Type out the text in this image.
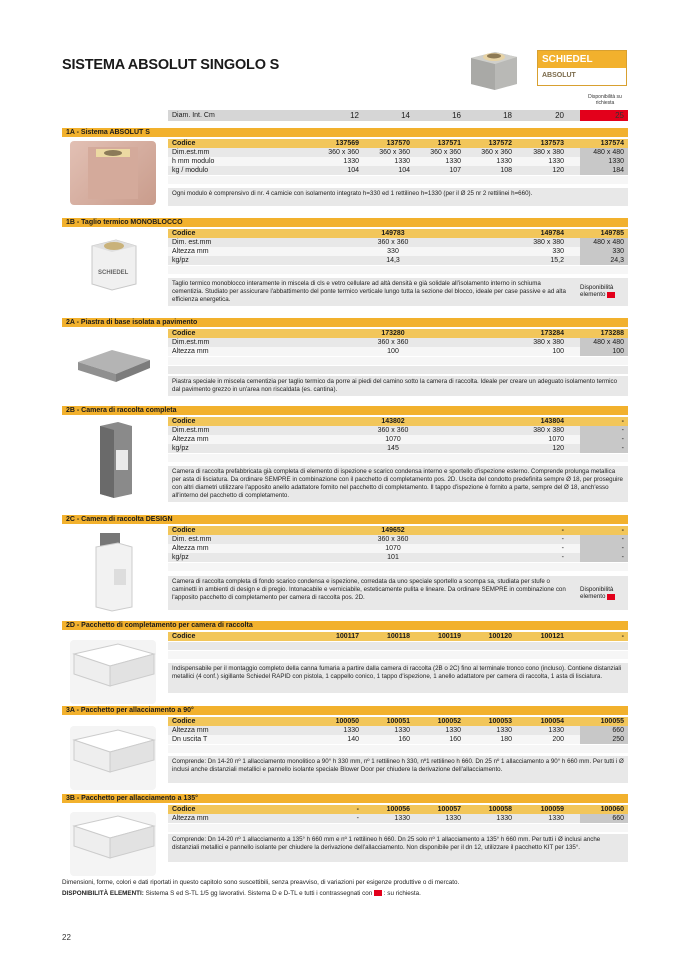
SISTEMA ABSOLUT SINGOLO S	SCHIEDEL
ABSOLUT
Disponibilità su richiesta
Diam. Int. Cm	12	14	16	18	20	25
1A - Sistema ABSOLUT S
Codice	137569	137570	137571	137572	137573	137574
Dim.est.mm	360 x 360	360 x 360	360 x 360	360 x 360	380 x 380	480 x 480
h mm modulo	1330	1330	1330	1330	1330	1330
kg / modulo	104	104	107	108	120	184
Ogni modulo è comprensivo di nr. 4 camicie con isolamento integrato h=330 ed 1 rettilineo h=1330 (per il Ø 25 nr 2 rettilinei h=660).
1B - Taglio termico MONOBLOCCO
SCHIEDEL
Codice	149783	149784	149785
Dim. est.mm	360 x 360	380 x 380	480 x 480
Altezza mm	330	330	330
kg/pz	14,3	15,2	24,3
Taglio termico monoblocco interamente in miscela di cls e vetro cellulare ad altà densità e già solidale all'isolamento interno in schiuma cementizia. Studiato per assicurare l'abbattimento del ponte termico verticale lungo tutta la sezione del blocco, ideale per case passive e ad alta efficienza energetica.
Disponibilità elemento
2A - Piastra di base isolata a pavimento
Codice	173280	173284	173288
Dim.est.mm	360 x 360	380 x 380	480 x 480
Altezza mm	100	100	100
Piastra speciale in miscela cementizia per taglio termico da porre ai piedi del camino sotto la camera di raccolta. Ideale per creare un adeguato isolamento termico dal pavimento grezzo in un'area non riscaldata (es. cantina).
2B - Camera di raccolta completa
Codice	143802	143804	-
Dim.est.mm	360 x 360	380 x 380	-
Altezza mm	1070	1070	-
kg/pz	145	120	-
Camera di raccolta prefabbricata già completa di elemento di ispezione e scarico condensa interno e sportello d'ispezione esterno. Comprende prolunga metallica per asta di lisciatura. Da ordinare SEMPRE in combinazione con il pacchetto di completamento pos. 2D. Uscita del condotto predefinita sempre Ø 18, per proseguire con altri diametri utilizzare l'apposito anello adattatore fornito nel pacchetto di completamento. Il tappo d'ispezione è fornito a parte, sempre del Ø 18, anch'esso all'interno del pacchetto di completamento.
2C - Camera di raccolta DESIGN
Codice	149652	-	-
Dim. est.mm	360 x 360	-	-
Altezza mm	1070	-	-
kg/pz	101	-	-
Camera di raccolta completa di fondo scarico condensa e ispezione, corredata da uno speciale sportello a scompa sa, studiata per stufe o caminetti in ambienti di design e di pregio. Intonacabile e verniciabile, esteticamente pulita e lineare. Da ordinare SEMPRE in combinazione con l'apposito pacchetto di completamento per camera di raccolta pos. 2D.
Disponibilità elemento
2D - Pacchetto di completamento per camera di raccolta
Codice	100117	100118	100119	100120	100121	-
Indispensabile per il montaggio completo della canna fumaria a partire dalla camera di raccolta (2B o 2C) fino al terminale tronco cono (incluso). Contiene distanziali metallici (4 conf.) sigillante Schiedel RAPID con pistola, 1 cappello conico, 1 tappo d'ispezione, 1 anello adattatore per camera di raccolta, 1 asta di lisciatura.
3A - Pacchetto per allacciamento a 90°
Codice	100050	100051	100052	100053	100054	100055
Altezza mm	1330	1330	1330	1330	1330	660
Dn uscita T	140	160	160	180	200	250
Comprende: Dn 14-20 nº 1 allacciamento monolitico a 90° h 330 mm, nº 1 rettilineo h 330, nº1 rettilineo h 660. Dn 25 nº 1 allacciamento a 90° h 660 mm. Per tutti i Ø inclusi anche distanziali metallici e pannello isolante speciale Blower Door per chiudere la derivazione dell'allacciamento.
3B - Pacchetto per allacciamento a 135°
Codice	-	100056	100057	100058	100059	100060
Altezza mm	-	1330	1330	1330	1330	660
Comprende: Dn 14-20 nº 1 allacciamento a 135° h 660 mm e nº 1 rettilineo h 660. Dn 25 solo nº 1 allacciamento a 135° h 660 mm. Per tutti i Ø inclusi anche distanziali metallici e pannello isolante per chiudere la derivazione dell'allacciamento. Non disponibile per il dn 12, utilizzare il pacchetto KIT per 135°.
Dimensioni, forme, colori e dati riportati in questo capitolo sono suscettibili, senza preavviso, di variazioni per esigenze produttive o di mercato.
DISPONIBILITÀ ELEMENTI: Sistema S ed S-TL 1/5 gg lavorativi. Sistema D e D-TL e tutti i contrassegnati con : su richiesta.
22
